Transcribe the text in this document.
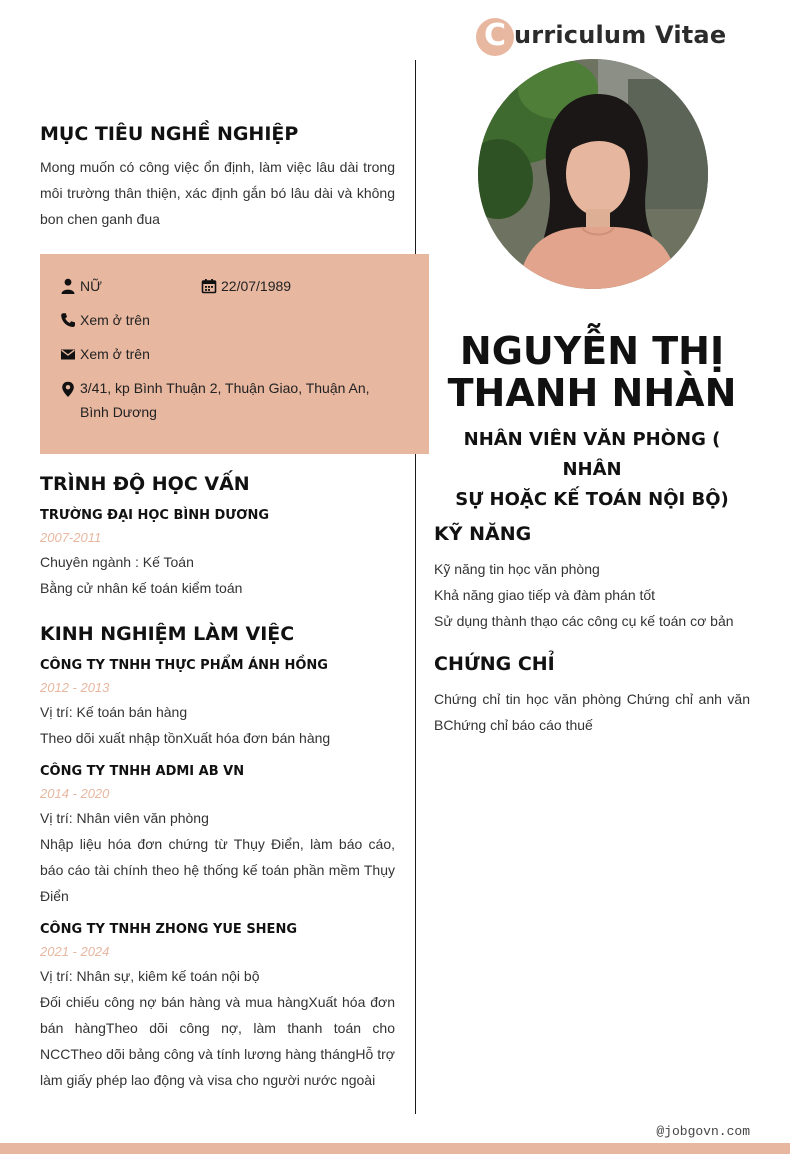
C urriculum Vitae
MỤC TIÊU NGHỀ NGHIỆP

Mong muốn có công việc ổn định, làm việc lâu dài trong môi trường thân thiện, xác định gắn bó lâu dài và không bon chen ganh đua

NỮ	22/07/1989
Xem ở trên
Xem ở trên
3/41, kp Bình Thuận 2, Thuận Giao, Thuận An,
Bình Dương
TRÌNH ĐỘ HỌC VẤN
TRƯỜNG ĐẠI HỌC BÌNH DƯƠNG
2007-2011
Chuyên ngành : Kế Toán
Bằng cử nhân kế toán kiểm toán
KINH NGHIỆM LÀM VIỆC
CÔNG TY TNHH THỰC PHẨM ÁNH HỒNG
2012 - 2013
Vị trí: Kế toán bán hàng

Theo dõi xuất nhập tồnXuất hóa đơn bán hàng

CÔNG TY TNHH ADMI AB VN
2014 - 2020
Vị trí: Nhân viên văn phòng

Nhập liệu hóa đơn chứng từ Thụy Điển, làm báo cáo, báo cáo tài chính theo hệ thống kế toán phần mềm Thụy Điển

CÔNG TY TNHH ZHONG YUE SHENG
2021 - 2024
Vị trí: Nhân sự, kiêm kế toán nội bộ

Đối chiếu công nợ bán hàng và mua hàngXuất hóa đơn bán hàngTheo dõi công nợ, làm thanh toán cho NCCTheo dõi bảng công và tính lương hàng thángHỗ trợ làm giấy phép lao động và visa cho người nước ngoài

NGUYỄN THỊ
THANH NHÀN
NHÂN VIÊN VĂN PHÒNG ( NHÂN
SỰ HOẶC KẾ TOÁN NỘI BỘ)
KỸ NĂNG
Kỹ năng tin học văn phòng
Khả năng giao tiếp và đàm phán tốt
Sử dụng thành thạo các công cụ kế toán cơ bản
CHỨNG CHỈ

Chứng chỉ tin học văn phòng Chứng chỉ anh văn BChứng chỉ báo cáo thuế

@jobgovn.com
